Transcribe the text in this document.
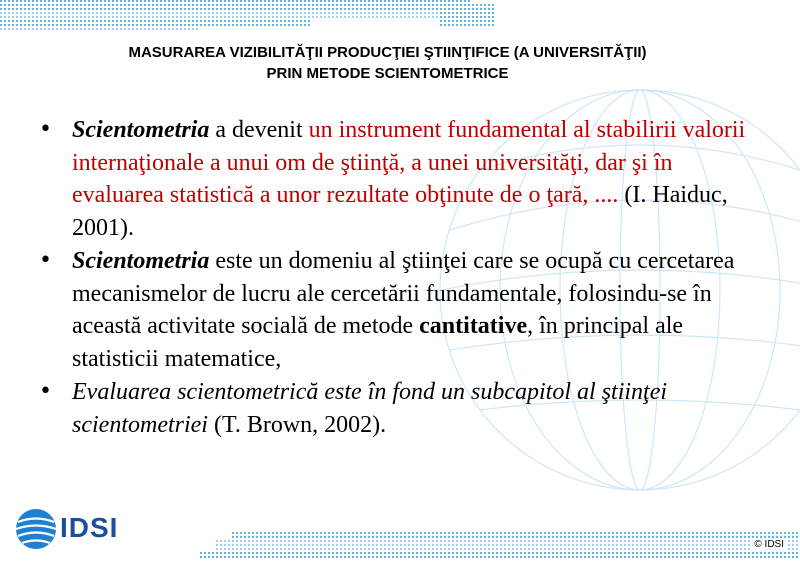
MASURAREA VIZIBILITĂŢII PRODUCŢIEI ŞTIINŢIFICE (A UNIVERSITĂŢII)
PRIN METODE SCIENTOMETRICE
• Scientometria a devenit un instrument fundamental al stabilirii valorii internaţionale a unui om de ştiinţă, a unei universităţi, dar şi în evaluarea statistică a unor rezultate obţinute de o ţară, .... (I. Haiduc, 2001).
• Scientometria este un domeniu al ştiinţei care se ocupă cu cercetarea mecanismelor de lucru ale cercetării fundamentale, folosindu-se în această activitate socială de metode cantitative, în principal ale statisticii matematice,
• Evaluarea scientometrică este în fond un subcapitol al ştiinţei scientometriei (T. Brown, 2002).
IDSI
© IDSI
